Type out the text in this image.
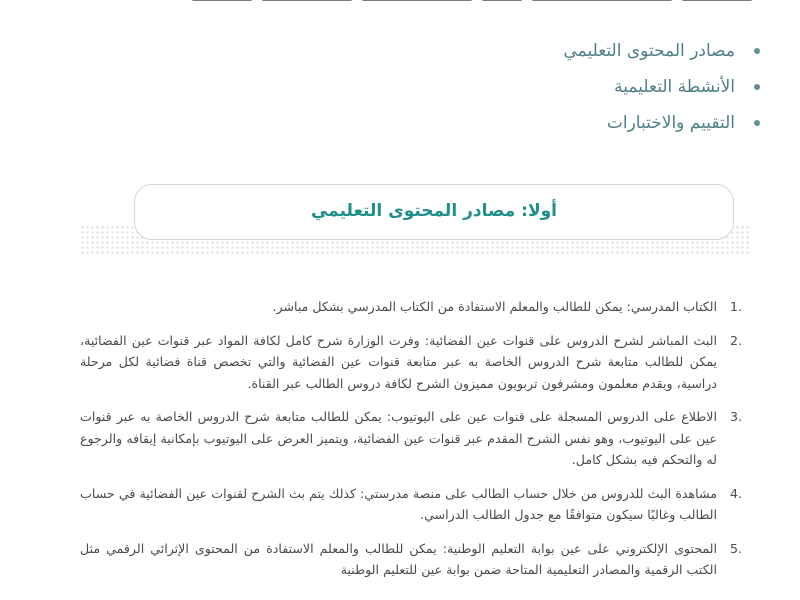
مصادر المحتوى التعليمي
الأنشطة التعليمية
التقييم والاختبارات
أولا: مصادر المحتوى التعليمي
1.
الكتاب المدرسي: يمكن للطالب والمعلم الاستفادة من الكتاب المدرسي بشكل مباشر.
2.
البث المباشر لشرح الدروس على قنوات عين الفضائية: وفرت الوزارة شرح كامل لكافة المواد عبر قنوات عين الفضائية، يمكن للطالب متابعة شرح الدروس الخاصة به عبر متابعة قنوات عين الفضائية والتي تخصص قناة فضائية لكل مرحلة دراسية، ويقدم معلمون ومشرفون تربويون مميزون الشرح لكافة دروس الطالب عبر القناة.
3.
الاطلاع على الدروس المسجلة على قنوات عين على اليوتيوب: يمكن للطالب متابعة شرح الدروس الخاصة به عبر قنوات عين على اليوتيوب، وهو نفس الشرح المقدم عبر قنوات عين الفضائية، ويتميز العرض على اليوتيوب بإمكانية إيقافه والرجوع له والتحكم فيه بشكل كامل.
4.
مشاهدة البث للدروس من خلال حساب الطالب على منصة مدرستي: كذلك يتم بث الشرح لقنوات عين الفضائية في حساب الطالب وغالبًا سيكون متوافقًا مع جدول الطالب الدراسي.
5.
المحتوى الإلكتروني على عين بوابة التعليم الوطنية: يمكن للطالب والمعلم الاستفادة من المحتوى الإثرائي الرقمي مثل الكتب الرقمية والمصادر التعليمية المتاحة ضمن بوابة عين للتعليم الوطنية
